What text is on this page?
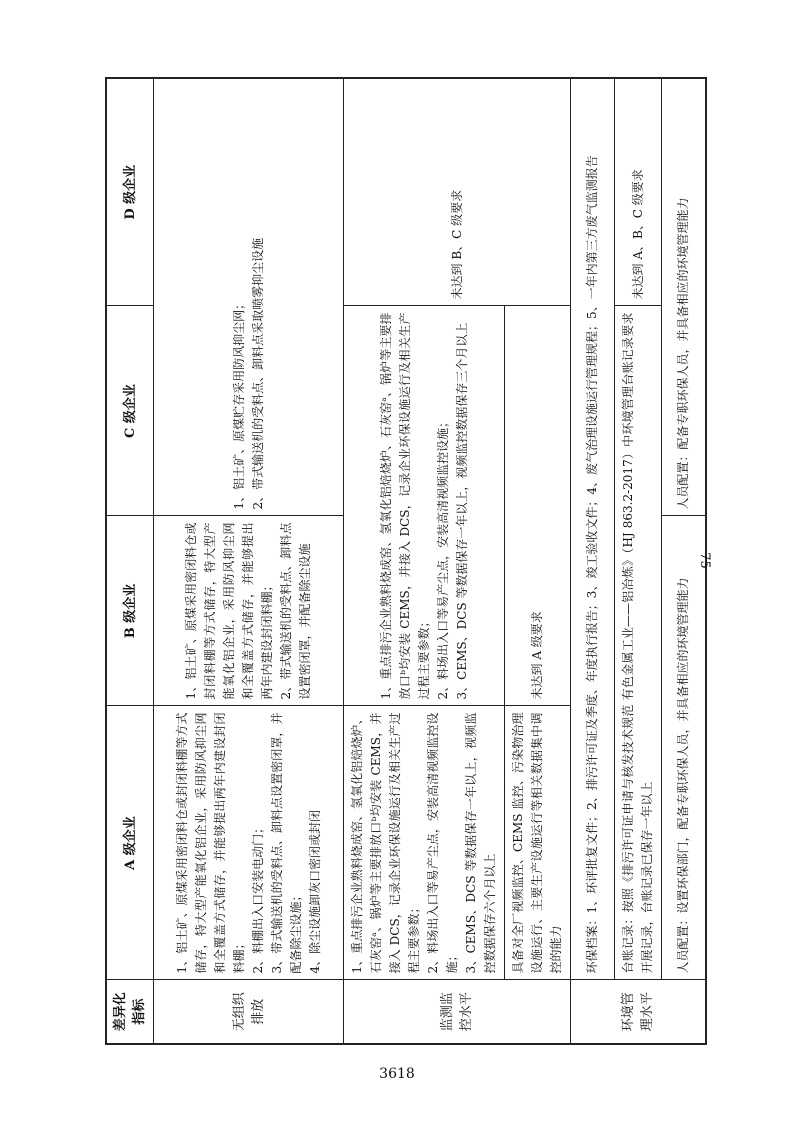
差异化指标	A 级企业	B 级企业	C 级企业	D 级企业
无组织排放	1、铝土矿、原煤采用密闭料仓或封闭料棚等方式储存，特大型产能氧化铝企业，采用防风抑尘网和全覆盖方式储存，并能够提出两年内建设封闭料棚； 2、料棚出入口安装电动门； 3、带式输送机的受料点、卸料点设置密闭罩，并配备除尘设施； 4、除尘设施卸灰口密闭或封闭	1、铝土矿、原煤采用密闭料仓或封闭料棚等方式储存，特大型产能氧化铝企业，采用防风抑尘网和全覆盖方式储存，并能够提出两年内建设封闭料棚； 2、带式输送机的受料点、卸料点设置密闭罩，并配备除尘设施	1、铝土矿、原煤贮存采用防风抑尘网； 2、带式输送机的受料点、卸料点采取喷雾抑尘设施	

监测监控水平	1、重点排污企业熟料烧成窑、氢氧化铝焙烧炉、石灰窑ᵃ、锅炉等主要排放口ᵇ均安装 CEMS，并接入 DCS，记录企业环保设施运行及相关生产过程主要参数； 2、料场出入口等易产尘点，安装高清视频监控设施； 3、CEMS、DCS 等数据保存一年以上，视频监控数据保存六个月以上	1、重点排污企业熟料烧成窑、氢氧化铝焙烧炉、石灰窑ᵃ、锅炉等主要排放口ᵇ均安装 CEMS，并接入 DCS，记录企业环保设施运行及相关生产过程主要参数； 2、料场出入口等易产尘点，安装高清视频监控设施； 3、CEMS、DCS 等数据保存一年以上，视频监控数据保存三个月以上		未达到 B、C 级要求
	具备对全厂视频监控、CEMS 监控、污染物治理设施运行、主要生产设施运行等相关数据集中调控的能力	未达到 A 级要求		
环境管理水平	环保档案：1、环评批复文件；2、排污许可证及季度、年度执行报告；3、竣工验收文件；4、废气治理设施运行管理规程；5、一年内第三方废气监测报告			
	台账记录：按照《排污许可证申请与核发技术规范 有色金属工业——铝冶炼》（HJ 863.2-2017）中环境管理台账记录要求开展记录，台账记录已保存一年以上			未达到 A、B、C 级要求
	人员配置：设置环保部门，配备专职环保人员，并具备相应的环境管理能力		人员配置：配备专职环保人员，并具备相应的环境管理能力	
75
3618
